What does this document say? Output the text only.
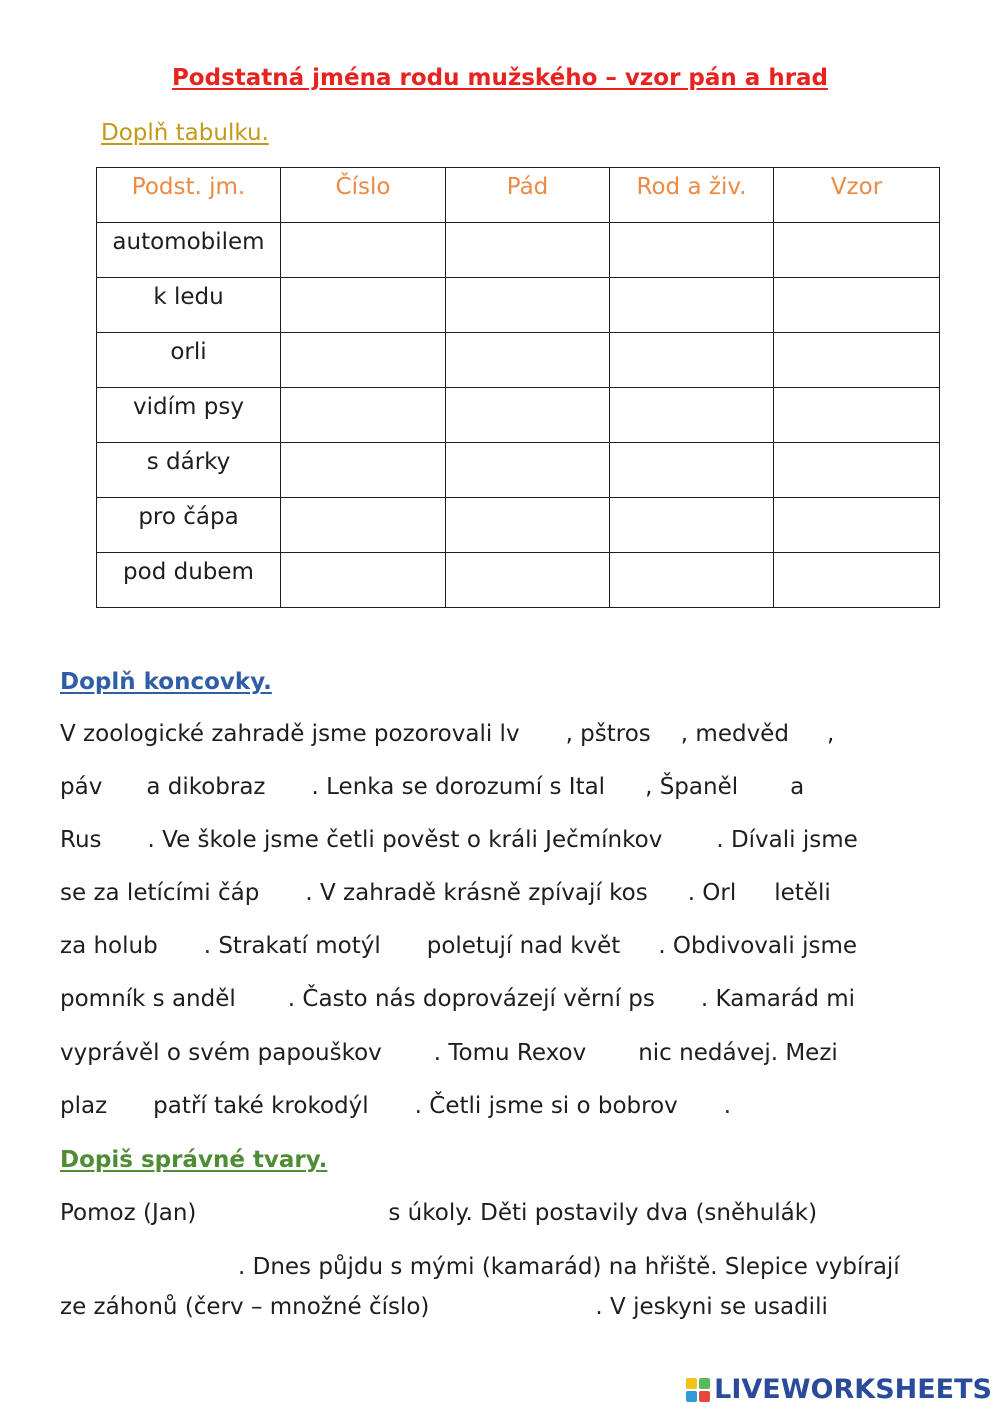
Podstatná jména rodu mužského – vzor pán a hrad
Doplň tabulku.
Podst. jm.	Číslo	Pád	Rod a živ.	Vzor
automobilem				
k ledu				
orli				
vidím psy				
s dárky				
pro čápa				
pod dubem				
Doplň koncovky.
V zoologické zahradě jsme pozorovali lv , pštros , medvěd ,
páv a dikobraz . Lenka se dorozumí s Ital , Španěl a
Rus . Ve škole jsme četli pověst o králi Ječmínkov . Dívali jsme
se za letícími čáp . V zahradě krásně zpívají kos . Orl letěli
za holub . Strakatí motýl poletují nad květ . Obdivovali jsme
pomník s anděl . Často nás doprovázejí věrní ps . Kamarád mi
vyprávěl o svém papouškov . Tomu Rexov nic nedávej. Mezi
plaz patří také krokodýl . Četli jsme si o bobrov .
Dopiš správné tvary.
Pomoz (Jan)	s úkoly. Děti postavily dva (sněhulák)
. Dnes půjdu s mými (kamarád) na hřiště. Slepice vybírají
ze záhonů (červ – množné číslo)	. V jeskyni se usadili
LIVEWORKSHEETS
